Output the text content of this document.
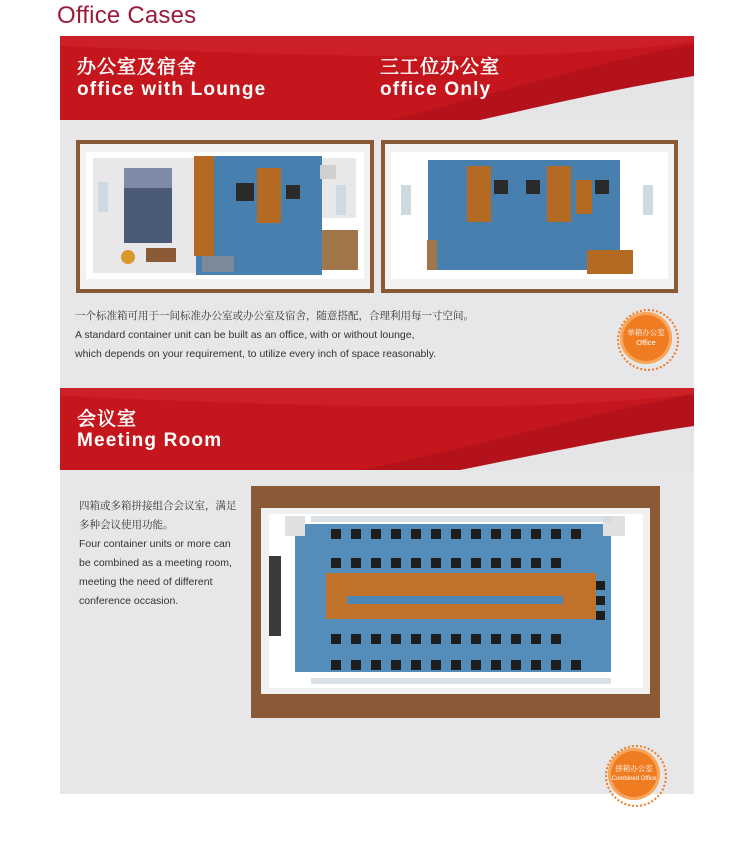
Office Cases
办公室及宿舍
office with Lounge
三工位办公室
office Only
一个标准箱可用于一间标准办公室或办公室及宿舍，随意搭配，合理利用每一寸空间。
A standard container unit can be built as an office, with or without lounge,
which depends on your requirement, to utilize every inch of space reasonably.
单箱办公室
Office
会议室
Meeting Room
四箱或多箱拼接组合会议室，满足
多种会议使用功能。
Four container units or more can
be combined as a meeting room,
meeting the need of different
conference occasion.
拼箱办公室
Combined Office
